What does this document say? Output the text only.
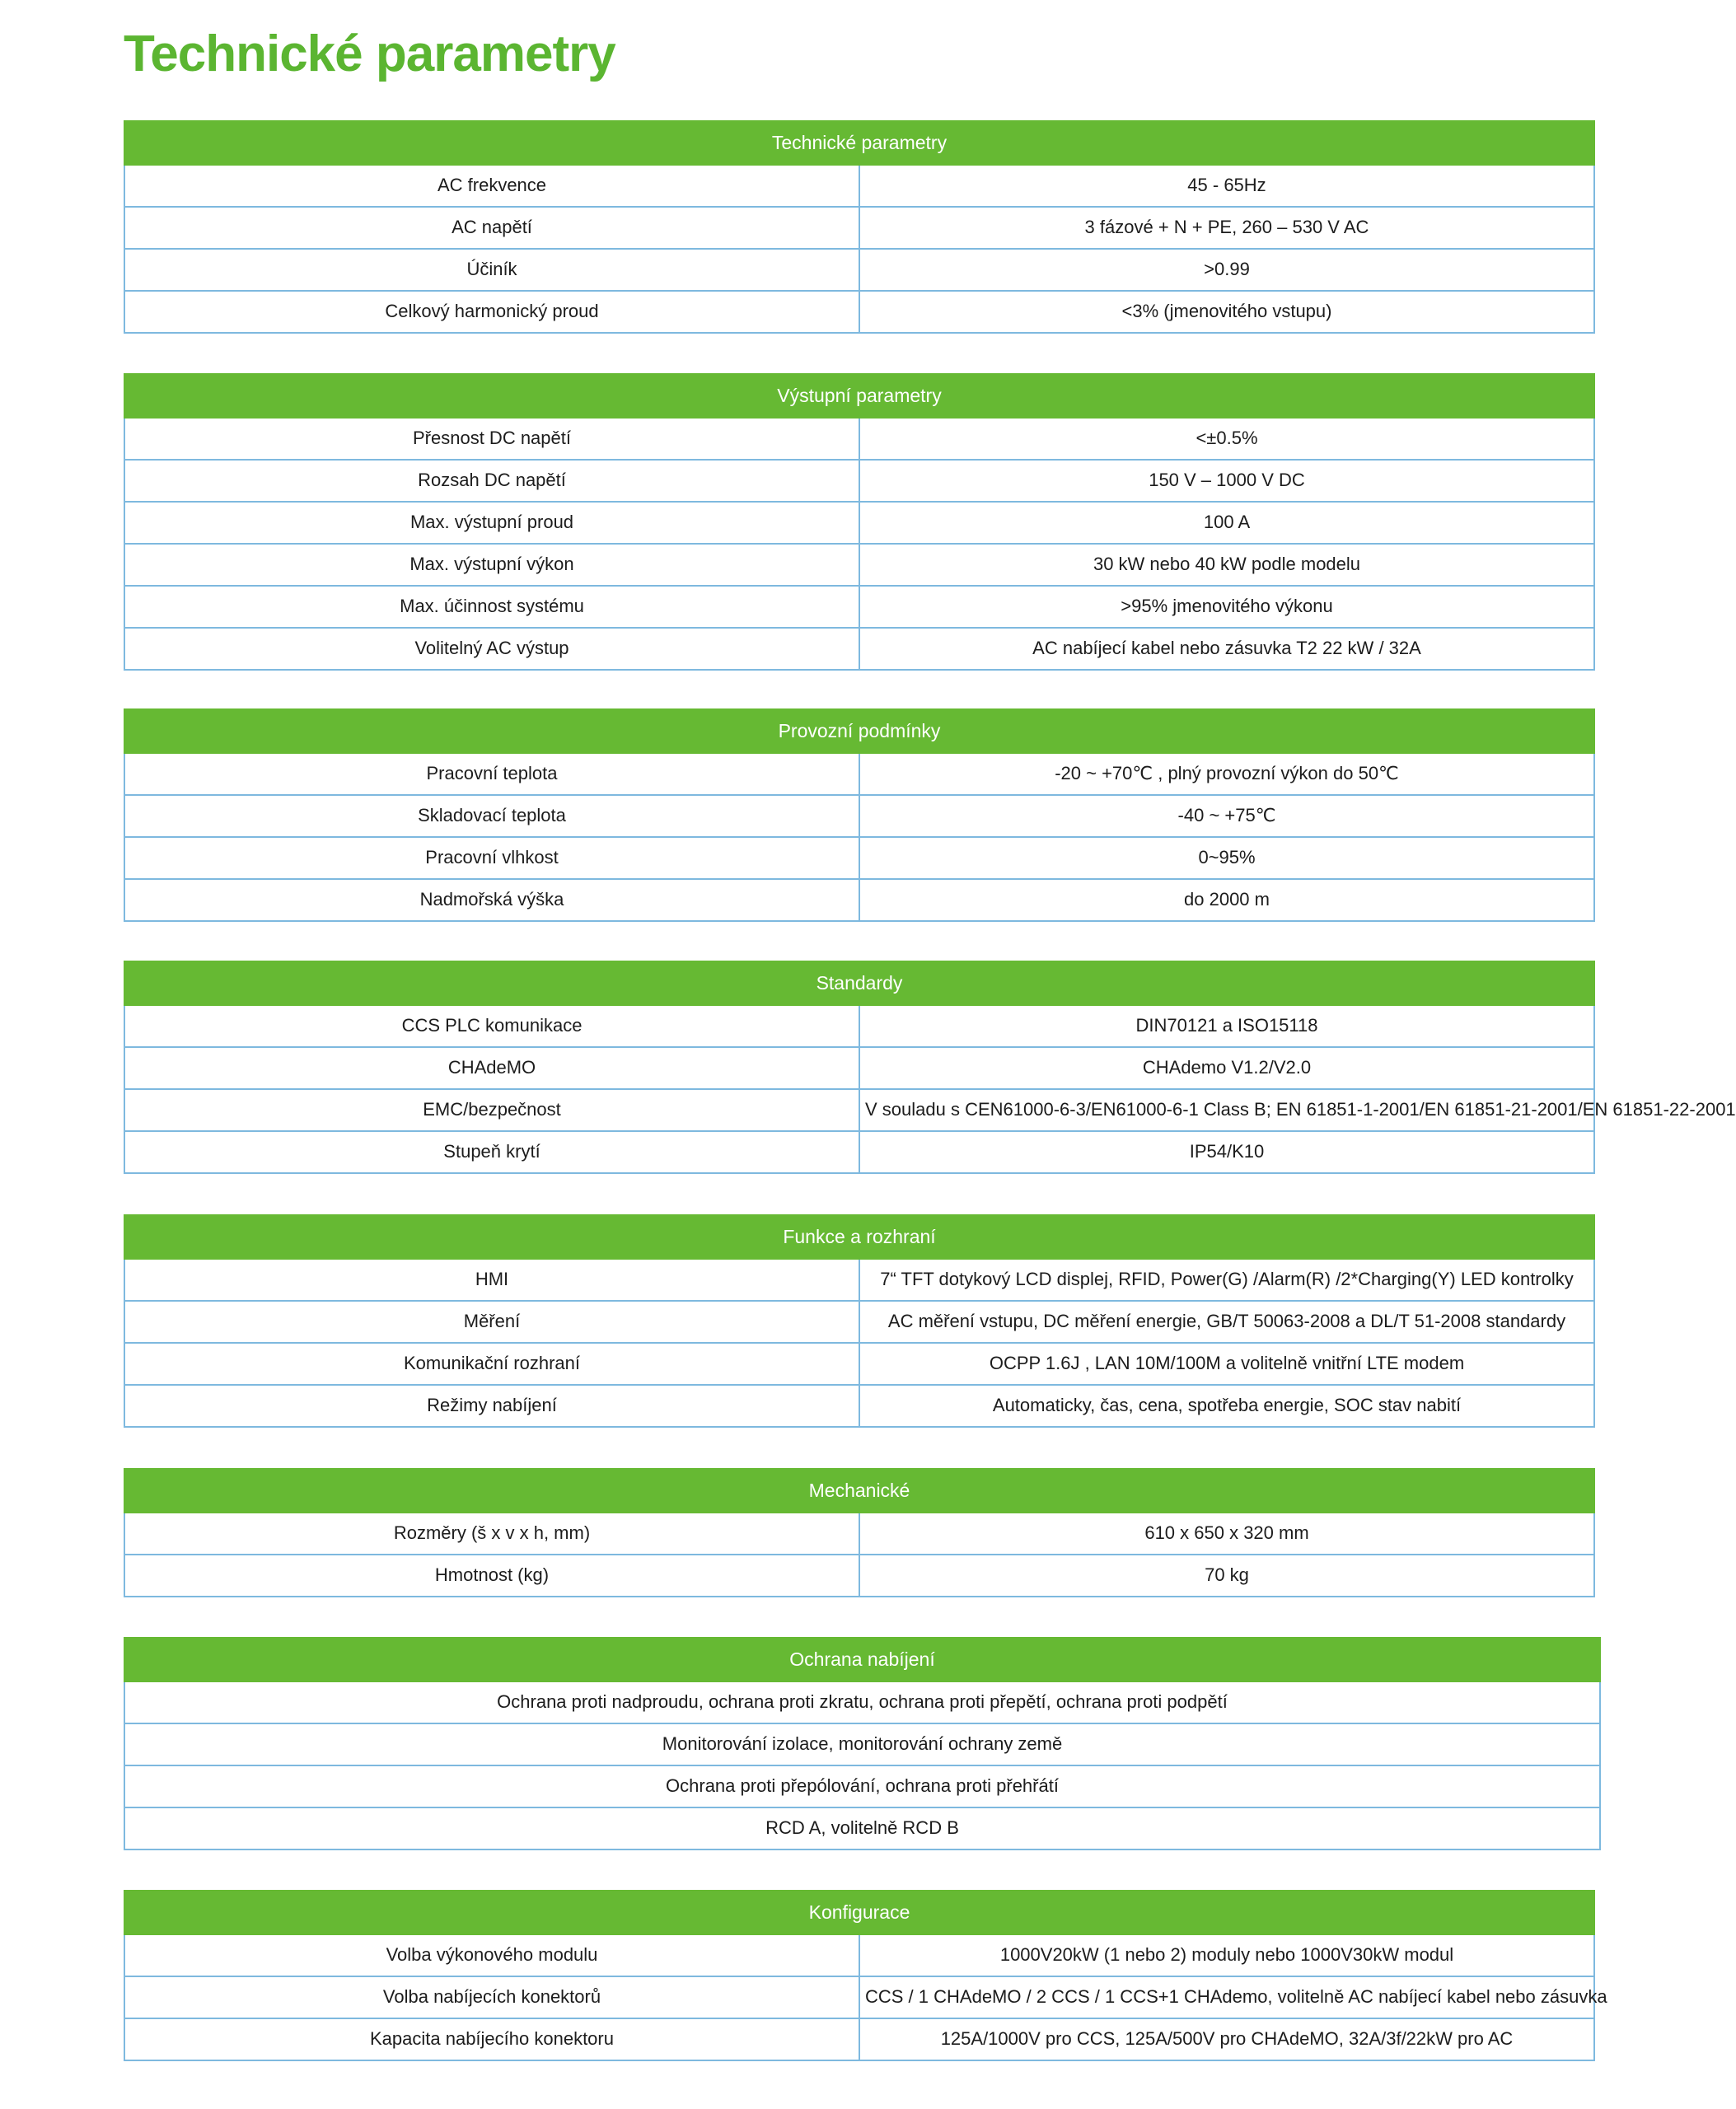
Technické parametry
Technické parametry	
AC frekvence	45 - 65Hz
AC napětí	3 fázové + N + PE, 260 – 530 V AC
Účiník	>0.99
Celkový harmonický proud	<3% (jmenovitého vstupu)
Výstupní parametry	
Přesnost DC napětí	<±0.5%
Rozsah DC napětí	150 V – 1000 V DC
Max. výstupní proud	100 A
Max. výstupní výkon	30 kW nebo 40 kW podle modelu
Max. účinnost systému	>95% jmenovitého výkonu
Volitelný AC výstup	AC nabíjecí kabel nebo zásuvka T2 22 kW / 32A
Provozní podmínky	
Pracovní teplota	-20 ~ +70℃ , plný provozní výkon do 50℃
Skladovací teplota	-40 ~ +75℃
Pracovní vlhkost	0~95%
Nadmořská výška	do 2000 m
Standardy	
CCS PLC komunikace	DIN70121 a ISO15118
CHAdeMO	CHAdemo V1.2/V2.0
EMC/bezpečnost	V souladu s CEN61000-6-3/EN61000-6-1 Class B; EN 61851-1-2001/EN 61851-21-2001/EN 61851-22-2001
Stupeň krytí	IP54/K10
Funkce a rozhraní	
HMI	7“ TFT dotykový LCD displej, RFID, Power(G) /Alarm(R) /2*Charging(Y) LED kontrolky
Měření	AC měření vstupu, DC měření energie, GB/T 50063-2008 a DL/T 51-2008 standardy
Komunikační rozhraní	OCPP 1.6J , LAN 10M/100M a volitelně vnitřní LTE modem
Režimy nabíjení	Automaticky, čas, cena, spotřeba energie, SOC stav nabití
Mechanické	
Rozměry (š x v x h, mm)	610 x 650 x 320 mm
Hmotnost (kg)	70 kg
Ochrana nabíjení
Ochrana proti nadproudu, ochrana proti zkratu, ochrana proti přepětí, ochrana proti podpětí
Monitorování izolace, monitorování ochrany země
Ochrana proti přepólování, ochrana proti přehřátí
RCD A, volitelně RCD B
Konfigurace	
Volba výkonového modulu	1000V20kW (1 nebo 2) moduly nebo 1000V30kW modul
Volba nabíjecích konektorů	CCS / 1 CHAdeMO / 2 CCS / 1 CCS+1 CHAdemo, volitelně AC nabíjecí kabel nebo zásuvka
Kapacita nabíjecího konektoru	125A/1000V pro CCS, 125A/500V pro CHAdeMO, 32A/3f/22kW pro AC
